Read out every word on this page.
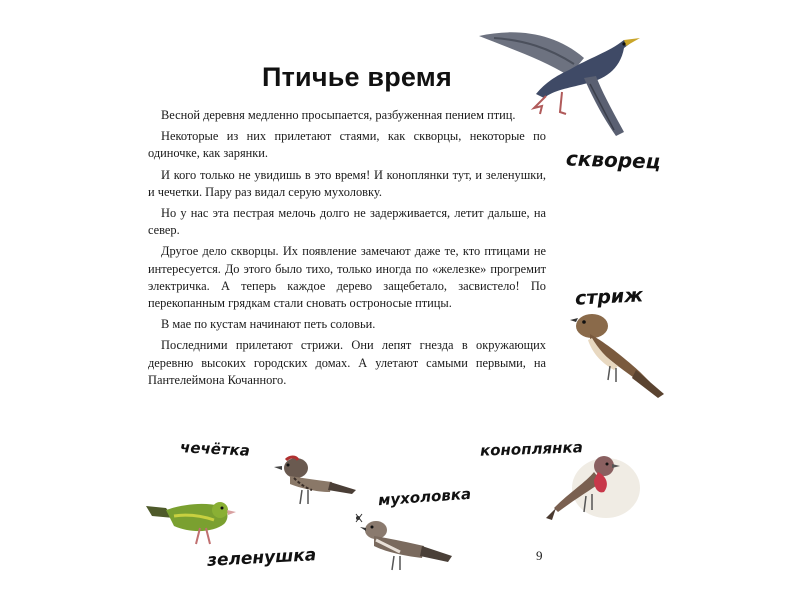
Птичье время

Весной деревня медленно просыпается, разбуженная пением птиц.

Некоторые из них прилетают стаями, как скворцы, некоторые по одиночке, как зарянки.

И кого только не увидишь в это время! И коноплянки тут, и зеленушки, и чечетки. Пару раз видал серую мухоловку.

Но у нас эта пестрая мелочь долго не задерживается, летит дальше, на север.

Другое дело скворцы. Их появление замечают даже те, кто птицами не интересуется. До этого было тихо, только иногда по «железке» прогремит электричка. А теперь каждое дерево защебетало, засвистело! По перекопанным грядкам стали сновать остроносые птицы.

В мае по кустам начинают петь соловьи.

Последними прилетают стрижи. Они лепят гнезда в окружающих деревню высоких городских домах. А улетают самыми первыми, на Пантелеймона Кочанного.

скворец
стриж
коноплянка
чечётка
зеленушка
мухоловка
9
